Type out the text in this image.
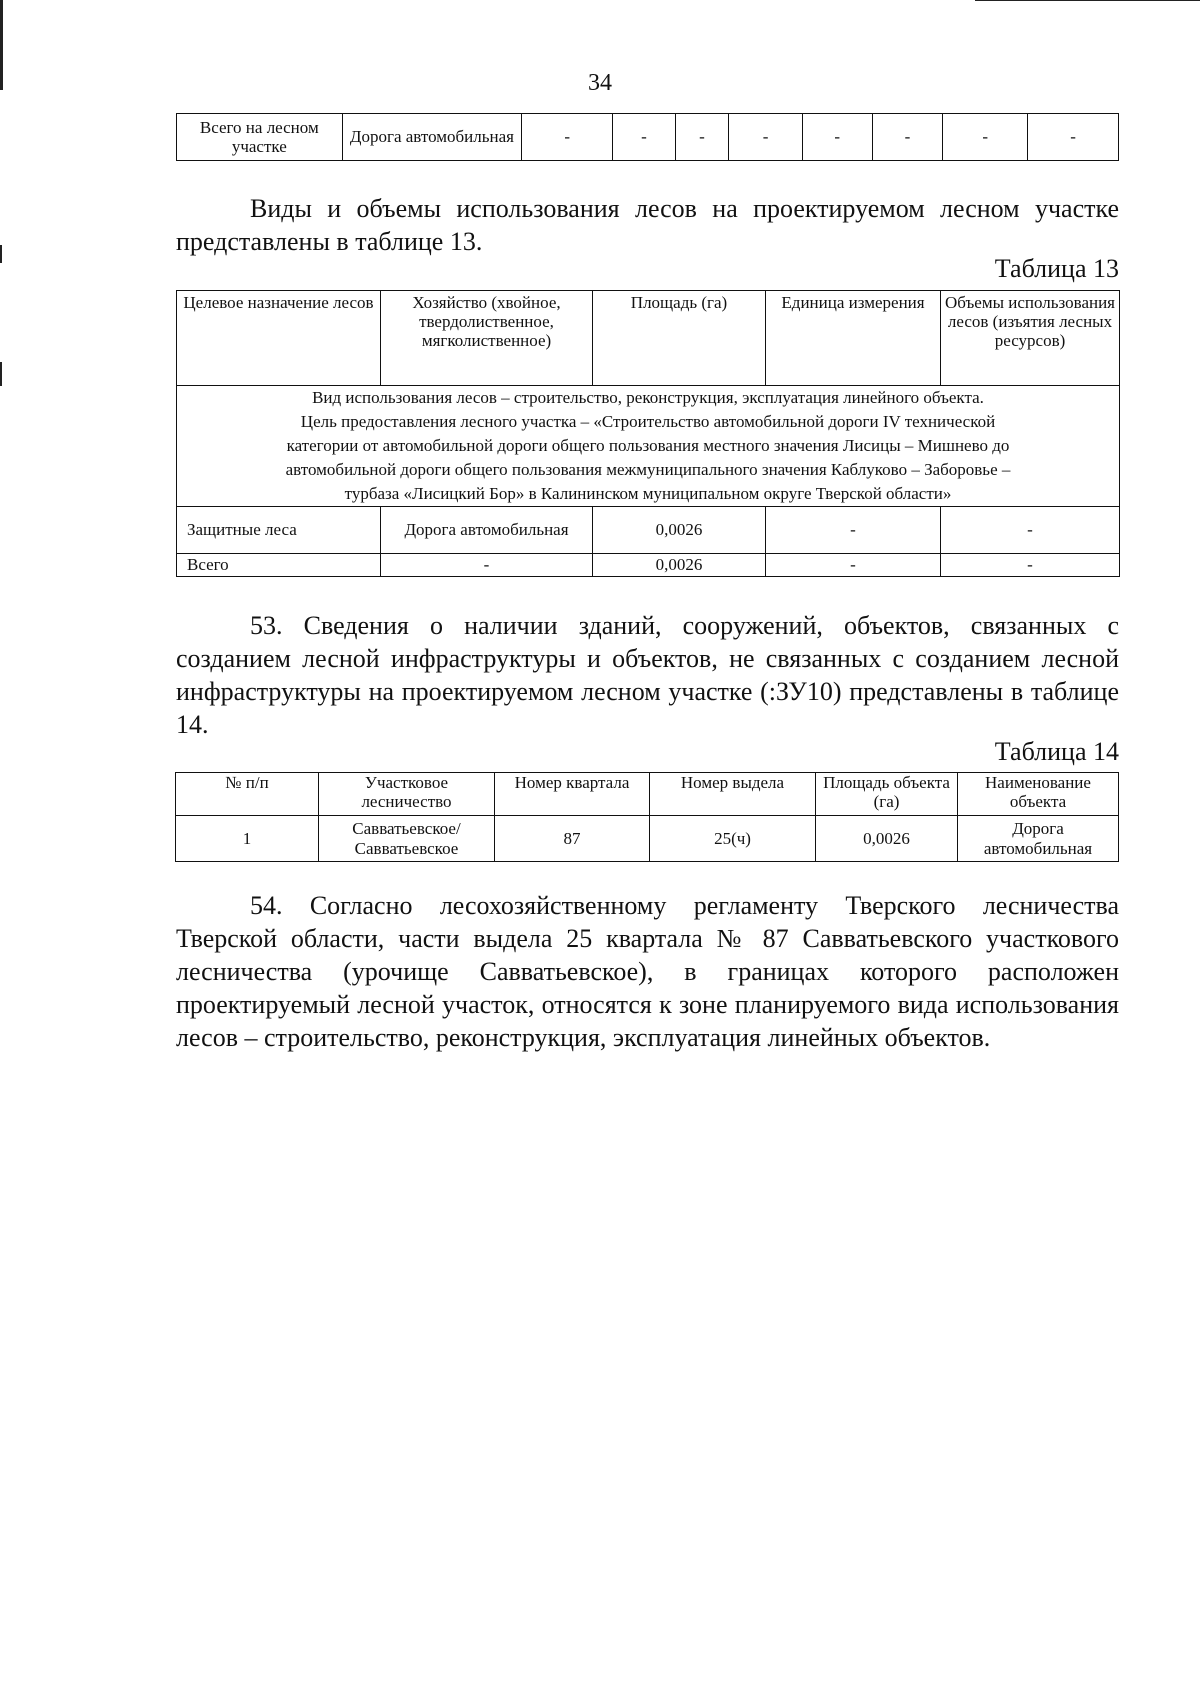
34
Всего на лесном участке	Дорога автомобильная	-	-	-	-	-	-	-	-

Виды и объемы использования лесов на проектируемом лесном участке представлены в таблице 13.

Таблица 13
Целевое назначение лесов	Хозяйство (хвойное, твердолиственное, мягколиственное)	Площадь (га)	Единица измерения	Объемы использования лесов (изъятия лесных ресурсов)

Вид использования лесов – строительство, реконструкция, эксплуатация линейного объекта.
Цель предоставления лесного участка – «Строительство автомобильной дороги IV технической
категории от автомобильной дороги общего пользования местного значения Лисицы – Мишнево до
автомобильной дороги общего пользования межмуниципального значения Каблуково – Заборовье –
турбаза «Лисицкий Бор» в Калининском муниципальном округе Тверской области»				

Защитные леса	Дорога автомобильная	0,0026	-	-
Всего	-	0,0026	-	-

53. Сведения о наличии зданий, сооружений, объектов, связанных с созданием лесной инфраструктуры и объектов, не связанных с созданием лесной инфраструктуры на проектируемом лесном участке (:ЗУ10) представлены в таблице 14.

Таблица 14
№ п/п	Участковое лесничество	Номер квартала	Номер выдела	Площадь объекта (га)	Наименование объекта
1	Савватьевское/ Савватьевское	87	25(ч)	0,0026	Дорога автомобильная

54. Согласно лесохозяйственному регламенту Тверского лесничества Тверской области, части выдела 25 квартала № 87 Савватьевского участкового лесничества (урочище Савватьевское), в границах которого расположен проектируемый лесной участок, относятся к зоне планируемого вида использования лесов – строительство, реконструкция, эксплуатация линейных объектов.
